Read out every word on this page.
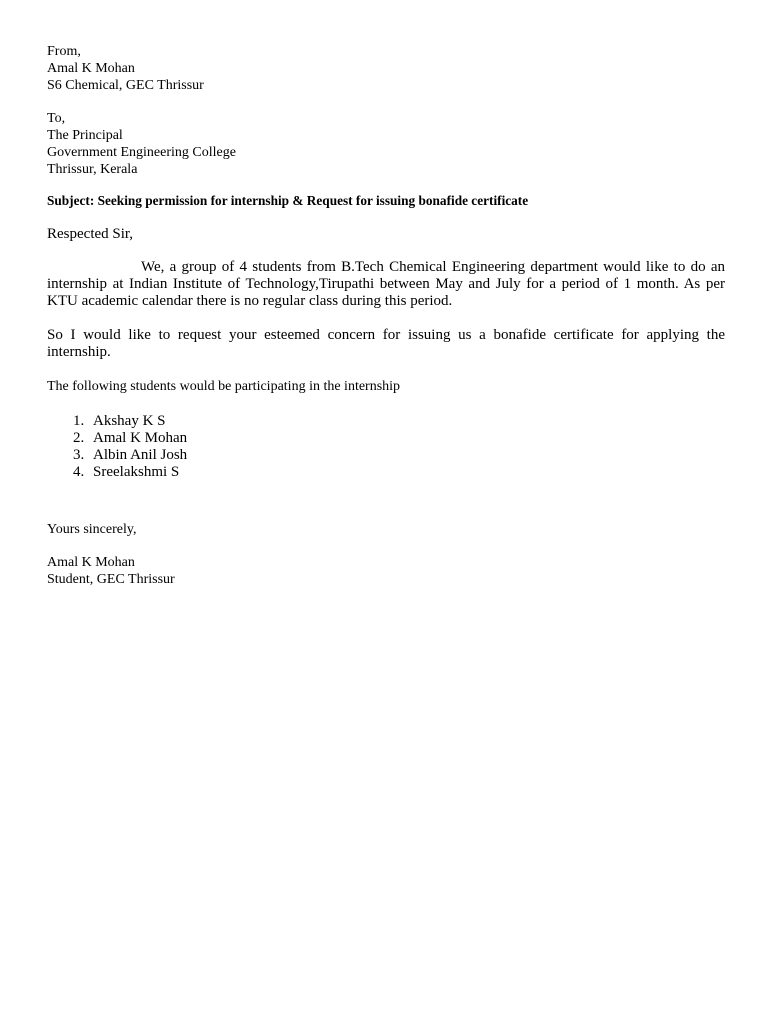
From,
Amal K Mohan
S6 Chemical, GEC Thrissur
To,
The Principal
Government Engineering College
Thrissur, Kerala
Subject: Seeking permission for internship & Request for issuing bonafide certificate
Respected Sir,

We, a group of 4 students from B.Tech Chemical Engineering department would like to do an internship at Indian Institute of Technology,Tirupathi between May and July for a period of 1 month. As per KTU academic calendar there is no regular class during this period.

So I would like to request your esteemed concern for issuing us a bonafide certificate for applying the internship.

The following students would be participating in the internship

1. Akshay K S
2. Amal K Mohan
3. Albin Anil Josh
4. Sreelakshmi S
Yours sincerely,
Amal K Mohan
Student, GEC Thrissur
